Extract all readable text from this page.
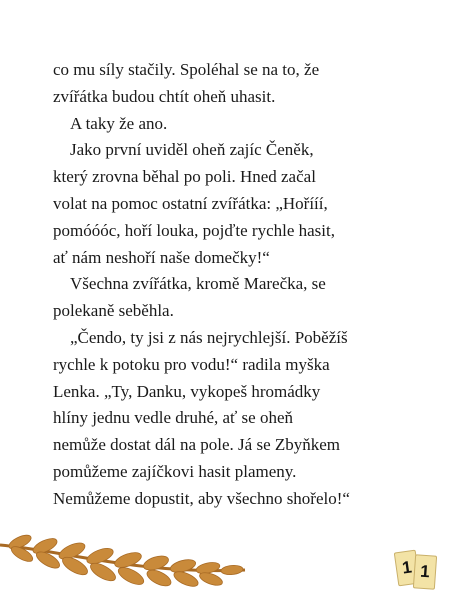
co mu síly stačily. Spoléhal se na to, že
zvířátka budou chtít oheň uhasit.
A taky že ano.
Jako první uviděl oheň zajíc Čeněk,
který zrovna běhal po poli. Hned začal
volat na pomoc ostatní zvířátka: „Hořííí,
pomóóóc, hoří louka, pojďte rychle hasit,
ať nám neshoří naše domečky!“
Všechna zvířátka, kromě Marečka, se
polekaně seběhla.
„Čendo, ty jsi z nás nejrychlejší. Poběžíš
rychle k potoku pro vodu!“ radila myška
Lenka. „Ty, Danku, vykopeš hromádky
hlíny jednu vedle druhé, ať se oheň
nemůže dostat dál na pole. Já se Zbyňkem
pomůžeme zajíčkovi hasit plameny.
Nemůžeme dopustit, aby všechno shořelo!“
1 1
